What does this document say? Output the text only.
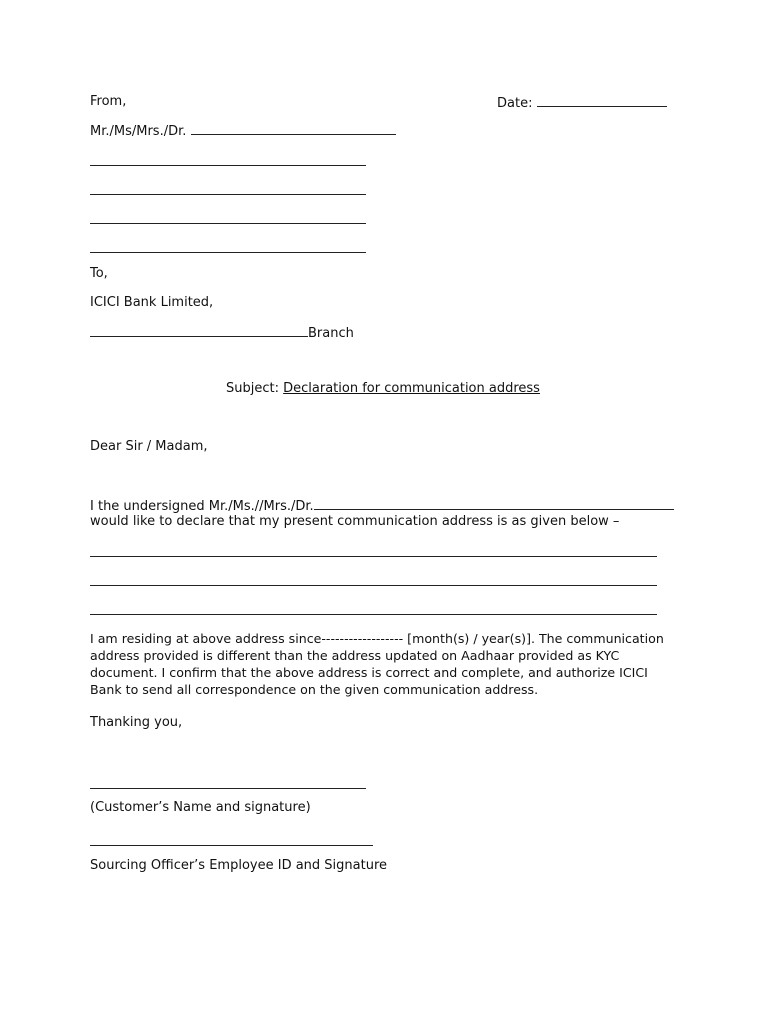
From,	Date:
Mr./Ms/Mrs./Dr.
To,
ICICI Bank Limited,
Branch
Subject: Declaration for communication address
Dear Sir / Madam,
I the undersigned Mr./Ms.//Mrs./Dr.
would like to declare that my present communication address is as given below –
I am residing at above address since------------------ [month(s) / year(s)]. The communication address provided is different than the address updated on Aadhaar provided as KYC document. I confirm that the above address is correct and complete, and authorize ICICI Bank to send all correspondence on the given communication address.
Thanking you,
(Customer’s Name and signature)
Sourcing Officer’s Employee ID and Signature
